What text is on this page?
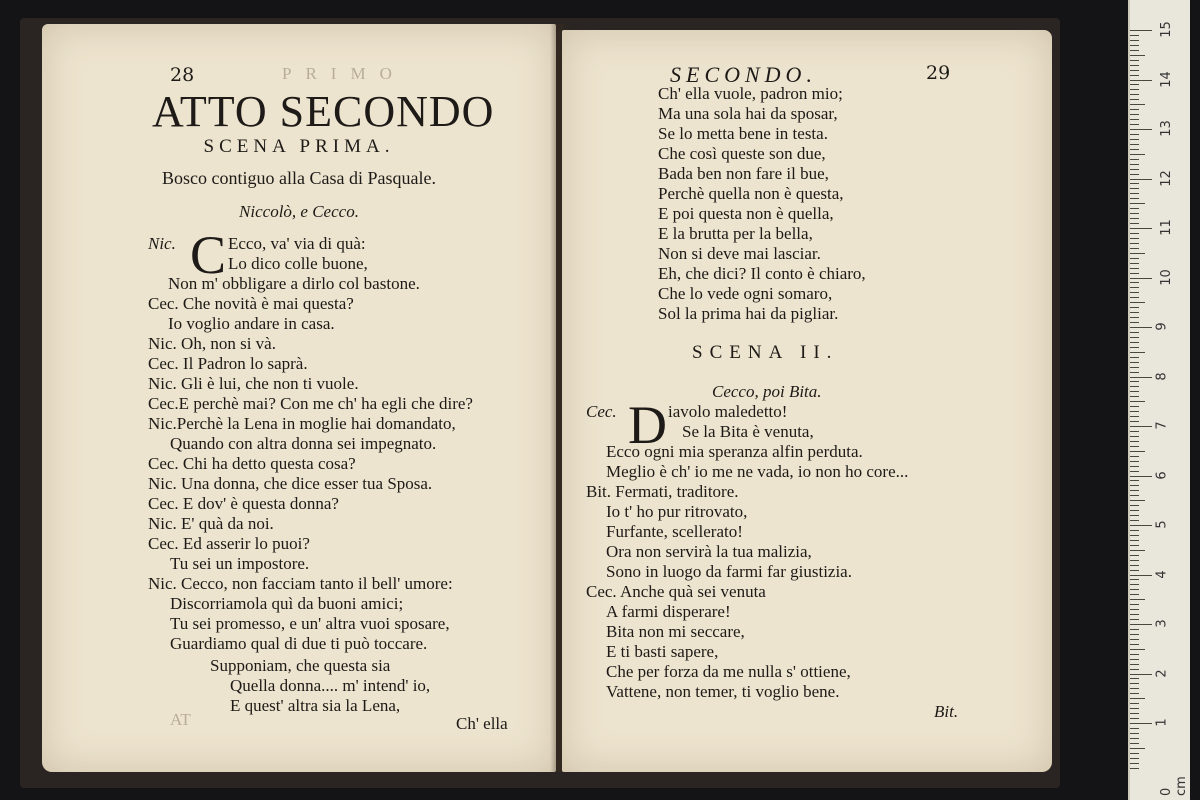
28	PRIMO
ATTO SECONDO
SCENA PRIMA.
Bosco contiguo alla Casa di Pasquale.
Niccolò, e Cecco.
Nic. C Ecco, va' via di quà:
Lo dico colle buone,
Non m' obbligare a dirlo col bastone.
Cec. Che novità è mai questa?
Io voglio andare in casa.
Nic. Oh, non si và.
Cec. Il Padron lo saprà.
Nic. Gli è lui, che non ti vuole.
Cec.E perchè mai? Con me ch' ha egli che dire?
Nic.Perchè la Lena in moglie hai domandato,
Quando con altra donna sei impegnato.
Cec. Chi ha detto questa cosa?
Nic. Una donna, che dice esser tua Sposa.
Cec. E dov' è questa donna?
Nic. E' quà da noi.
Cec. Ed asserir lo puoi?
Tu sei un impostore.
Nic. Cecco, non facciam tanto il bell' umore:
Discorriamola quì da buoni amici;
Tu sei promesso, e un' altra vuoi sposare,
Guardiamo qual di due ti può toccare.
Supponiam, che questa sia
Quella donna.... m' intend' io,
E quest' altra sia la Lena,
Ch' ella
AT
SECONDO.	29
Ch' ella vuole, padron mio;
Ma una sola hai da sposar,
Se lo metta bene in testa.
Che così queste son due,
Bada ben non fare il bue,
Perchè quella non è questa,
E poi questa non è quella,
E la brutta per la bella,
Non si deve mai lasciar.
Eh, che dici? Il conto è chiaro,
Che lo vede ogni somaro,
Sol la prima hai da pigliar.
SCENA II.
Cecco, poi Bita.
Cec. D iavolo maledetto!
Se la Bita è venuta,
Ecco ogni mia speranza alfin perduta.
Meglio è ch' io me ne vada, io non ho core...
Bit. Fermati, traditore.
Io t' ho pur ritrovato,
Furfante, scellerato!
Ora non servirà la tua malizia,
Sono in luogo da farmi far giustizia.
Cec. Anche quà sei venuta
A farmi disperare!
Bita non mi seccare,
E ti basti sapere,
Che per forza da me nulla s' ottiene,
Vattene, non temer, ti voglio bene.
Bit.
15
14
13
12
11
10
9
8
7
6
5
4
3
2
1
0 cm
